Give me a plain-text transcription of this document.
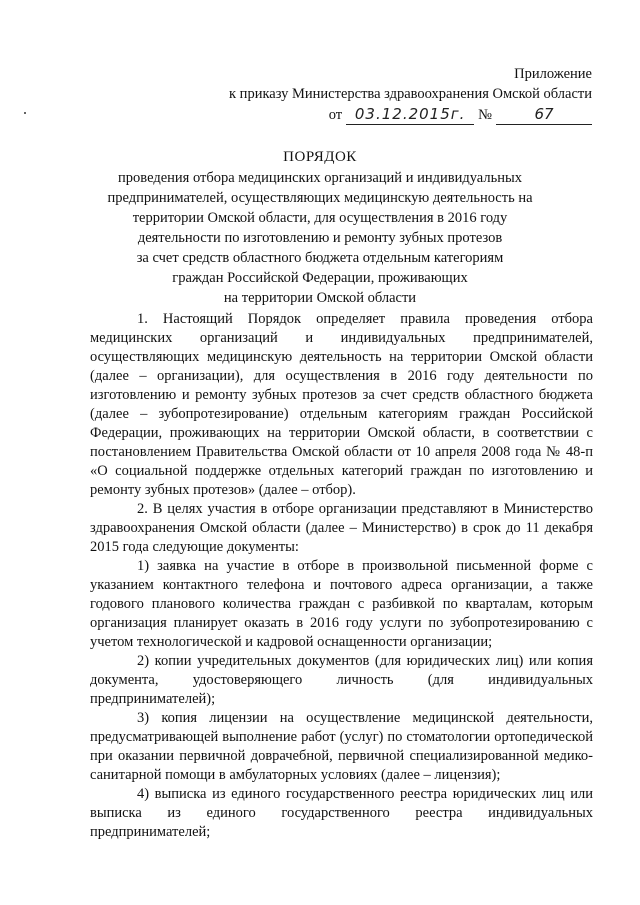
Приложение
к приказу Министерства здравоохранения Омской области
от 03.12.2015г. №	67
ПОРЯДОК
проведения отбора медицинских организаций и индивидуальных
предпринимателей, осуществляющих медицинскую деятельность на
территории Омской области, для осуществления в 2016 году
деятельности по изготовлению и ремонту зубных протезов
за счет средств областного бюджета отдельным категориям
граждан Российской Федерации, проживающих
на территории Омской области

1. Настоящий Порядок определяет правила проведения отбора медицинских организаций и индивидуальных предпринимателей, осуществляющих медицинскую деятельность на территории Омской области (далее – организации), для осуществления в 2016 году деятельности по изготовлению и ремонту зубных протезов за счет средств областного бюджета (далее – зубопротезирование) отдельным категориям граждан Российской Федерации, проживающих на территории Омской области, в соответствии с постановлением Правительства Омской области от 10 апреля 2008 года № 48-п «О социальной поддержке отдельных категорий граждан по изготовлению и ремонту зубных протезов» (далее – отбор).

2. В целях участия в отборе организации представляют в Министерство здравоохранения Омской области (далее – Министерство) в срок до 11 декабря 2015 года следующие документы:

1) заявка на участие в отборе в произвольной письменной форме с указанием контактного телефона и почтового адреса организации, а также годового планового количества граждан с разбивкой по кварталам, которым организация планирует оказать в 2016 году услуги по зубопротезированию с учетом технологической и кадровой оснащенности организации;

2) копии учредительных документов (для юридических лиц) или копия документа, удостоверяющего личность (для индивидуальных предпринимателей);

3) копия лицензии на осуществление медицинской деятельности, предусматривающей выполнение работ (услуг) по стоматологии ортопедической при оказании первичной доврачебной, первичной специализированной медико-санитарной помощи в амбулаторных условиях (далее – лицензия);

4) выписка из единого государственного реестра юридических лиц или выписка из единого государственного реестра индивидуальных предпринимателей;
